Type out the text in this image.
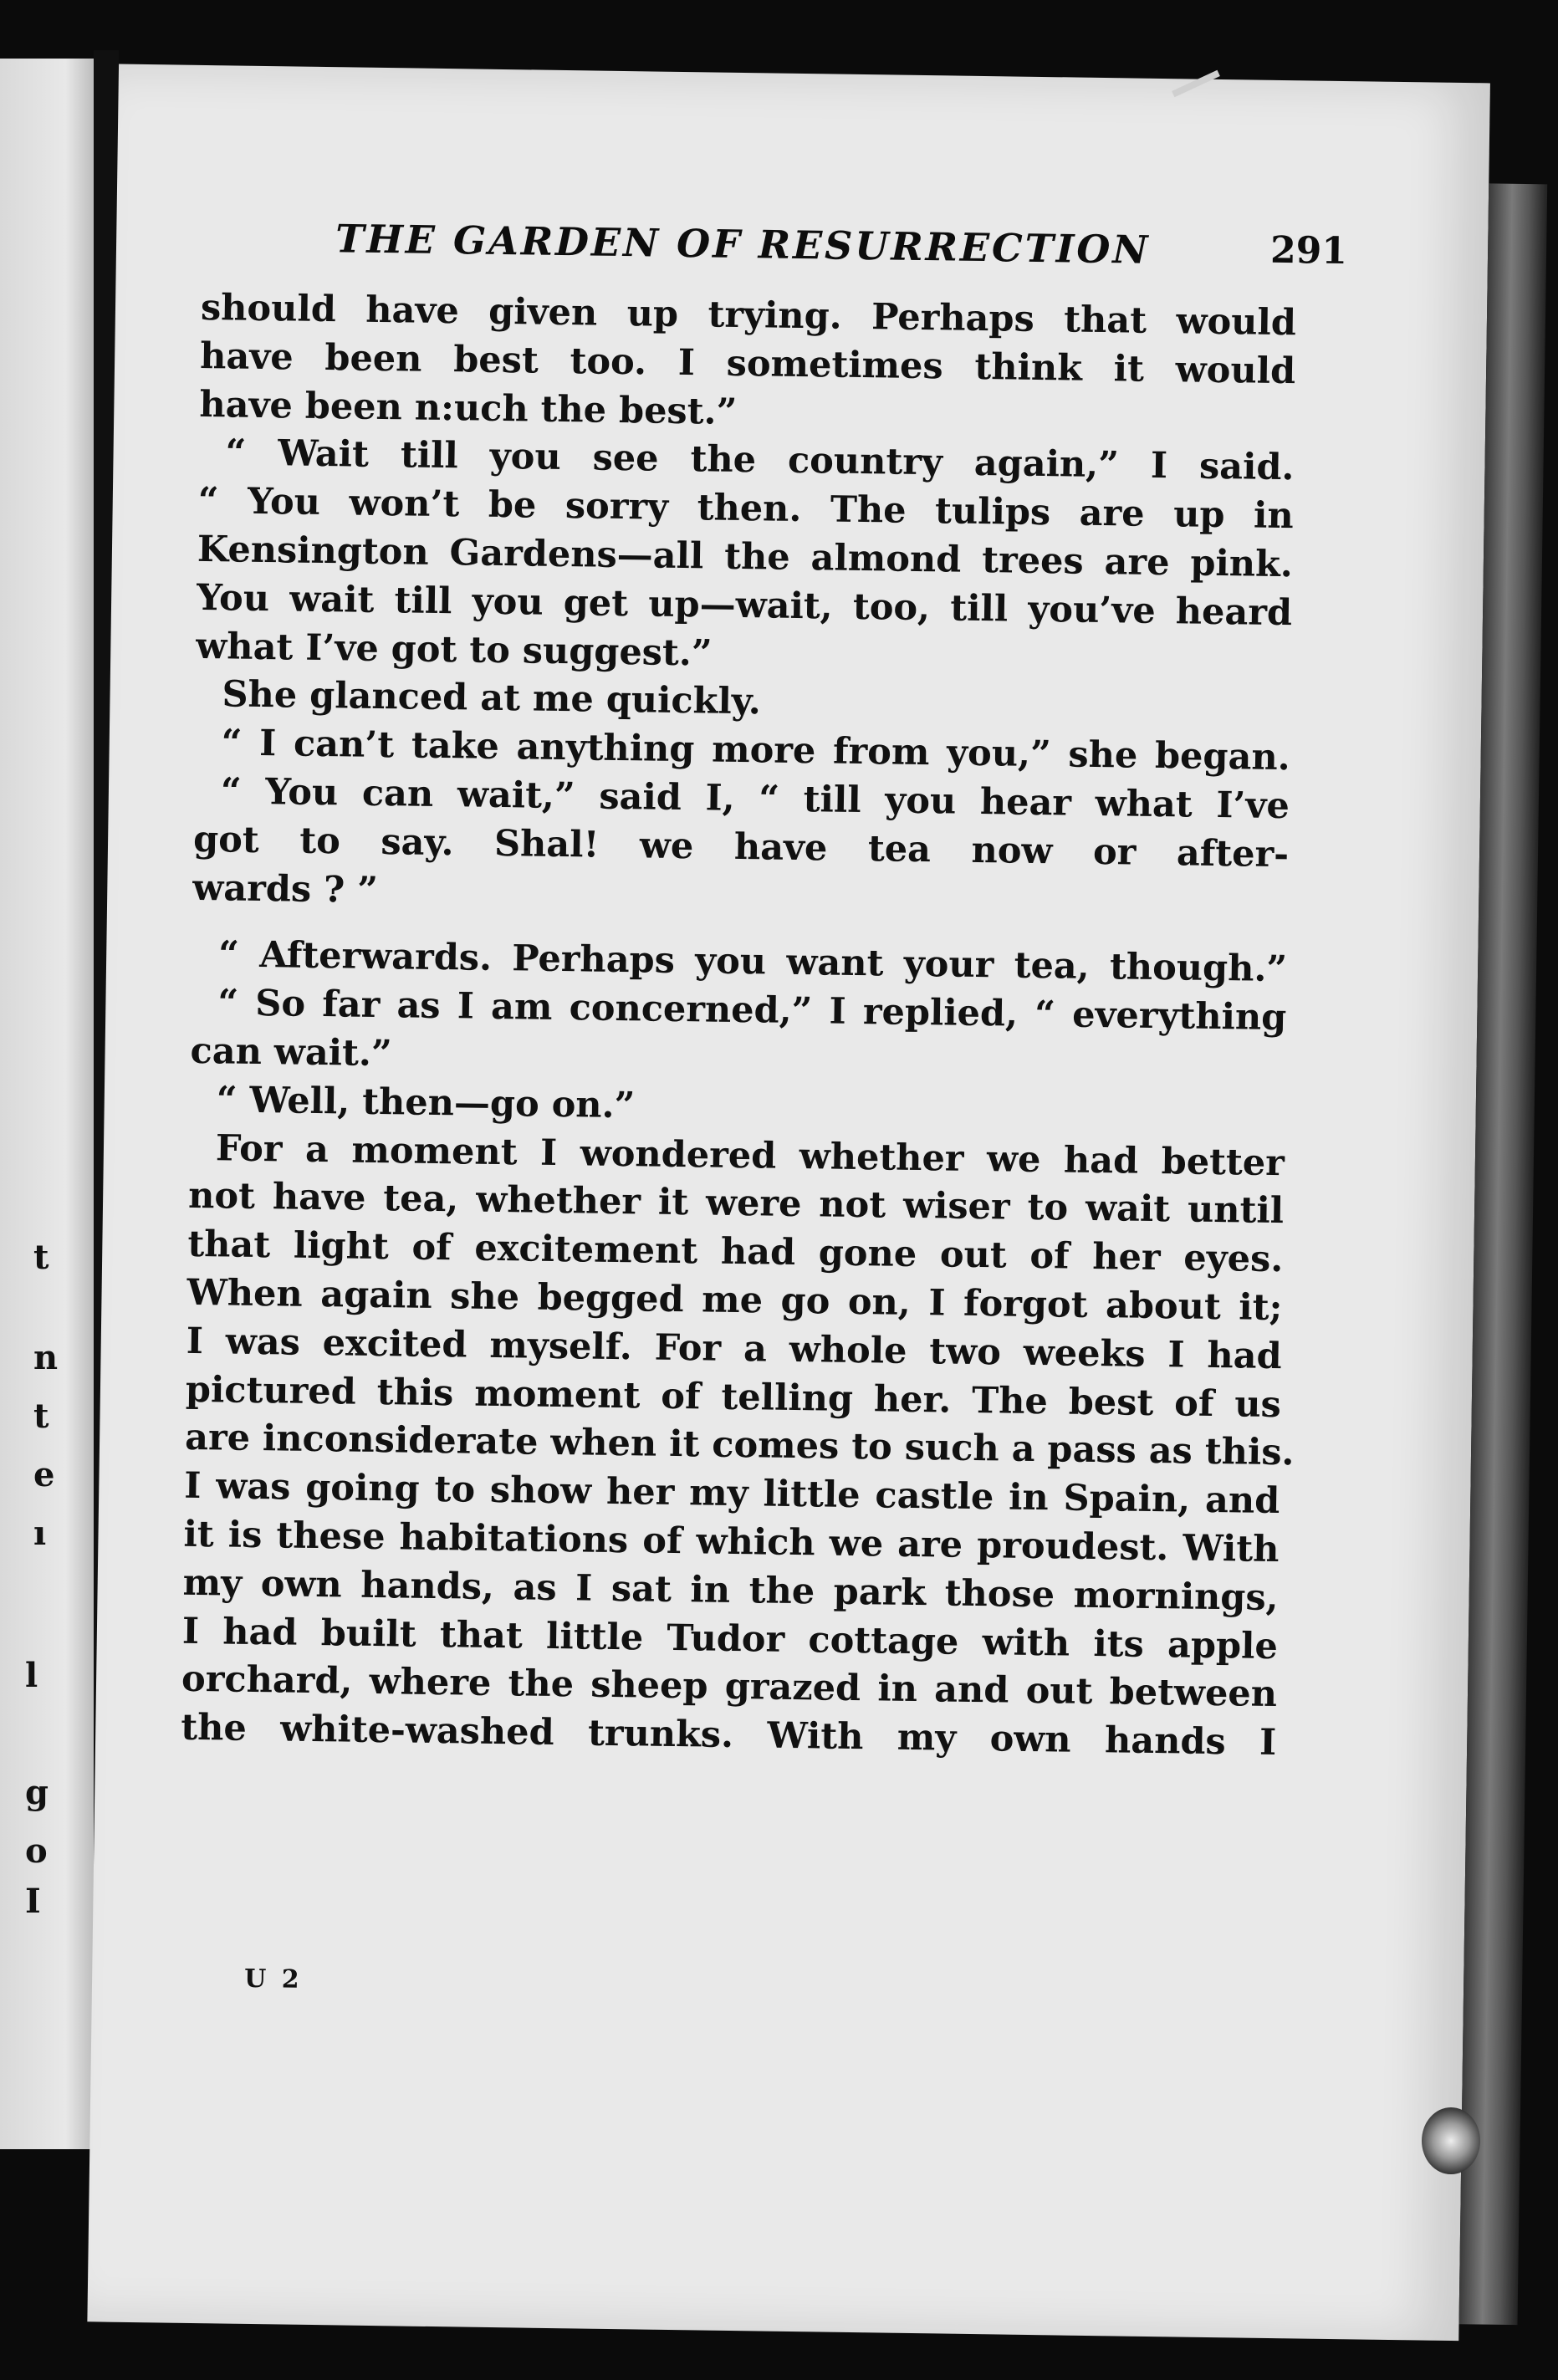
t
n
t
e
ı
l
g
o
I
THE GARDEN OF RESURRECTION	291
should have given up trying. Perhaps that would
have been best too. I sometimes think it would
have been n:uch the best.”
“ Wait till you see the country again,” I said.
“ You won’t be sorry then. The tulips are up in
Kensington Gardens—all the almond trees are pink.
You wait till you get up—wait, too, till you’ve heard
what I’ve got to suggest.”
She glanced at me quickly.
“ I can’t take anything more from you,” she began.
“ You can wait,” said I, “ till you hear what I’ve
got to say. Shal! we have tea now or after-
wards ? ”
“ Afterwards. Perhaps you want your tea, though.”
“ So far as I am concerned,” I replied, “ everything
can wait.”
“ Well, then—go on.”
For a moment I wondered whether we had better
not have tea, whether it were not wiser to wait until
that light of excitement had gone out of her eyes.
When again she begged me go on, I forgot about it;
I was excited myself. For a whole two weeks I had
pictured this moment of telling her. The best of us
are inconsiderate when it comes to such a pass as this.
I was going to show her my little castle in Spain, and
it is these habitations of which we are proudest. With
my own hands, as I sat in the park those mornings,
I had built that little Tudor cottage with its apple
orchard, where the sheep grazed in and out between
the white-washed trunks. With my own hands I
U 2
